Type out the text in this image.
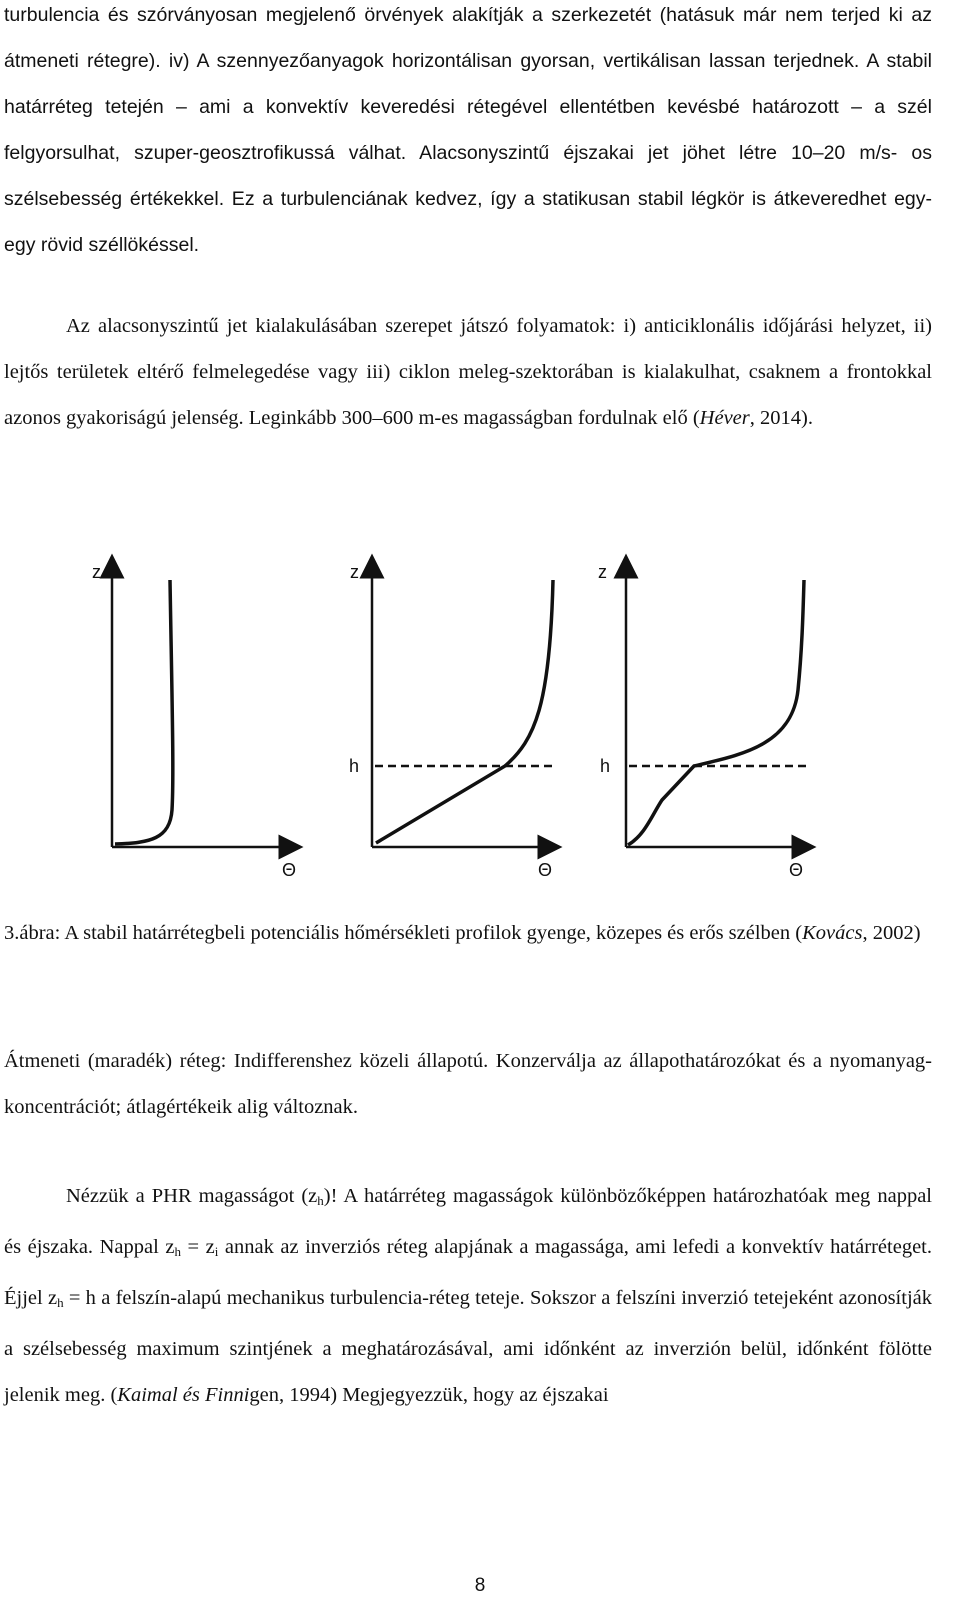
turbulencia és szórványosan megjelenő örvények alakítják a szerkezetét (hatásuk már nem terjed ki az átmeneti rétegre). iv) A szennyezőanyagok horizontálisan gyorsan, vertikálisan lassan terjednek. A stabil határréteg tetején – ami a konvektív keveredési rétegével ellentétben kevésbé határozott – a szél felgyorsulhat, szuper-geosztrofikussá válhat. Alacsonyszintű éjszakai jet jöhet létre 10–20 m/s- os szélsebesség értékekkel. Ez a turbulenciának kedvez, így a statikusan stabil légkör is átkeveredhet egy-egy rövid széllökéssel.

Az alacsonyszintű jet kialakulásában szerepet játszó folyamatok: i) anticiklonális időjárási helyzet, ii) lejtős területek eltérő felmelegedése vagy iii) ciklon meleg-szektorában is kialakulhat, csaknem a frontokkal azonos gyakoriságú jelenség. Leginkább 300–600 m-es magasságban fordulnak elő (Héver, 2014).

z
Θ
z
Θ
h
z
Θ
h

3.ábra: A stabil határrétegbeli potenciális hőmérsékleti profilok gyenge, közepes és erős szélben (Kovács, 2002)

Átmeneti (maradék) réteg: Indifferenshez közeli állapotú. Konzerválja az állapothatározókat és a nyomanyag-koncentrációt; átlagértékeik alig változnak.

Nézzük a PHR magasságot $(z_h)$! A határréteg magasságok különbözőképpen határozhatóak meg nappal és éjszaka. Nappal $z_h = z_i$ annak az inverziós réteg alapjának a magassága, ami lefedi a konvektív határréteget. Éjjel $z_h = h$ a felszín-alapú mechanikus turbulencia-réteg teteje. Sokszor a felszíni inverzió tetejeként azonosítják a szélsebesség maximum szintjének a meghatározásával, ami időnként az inverzión belül, időnként fölötte jelenik meg. (Kaimal és Finnigen, 1994) Megjegyezzük, hogy az éjszakai

8
